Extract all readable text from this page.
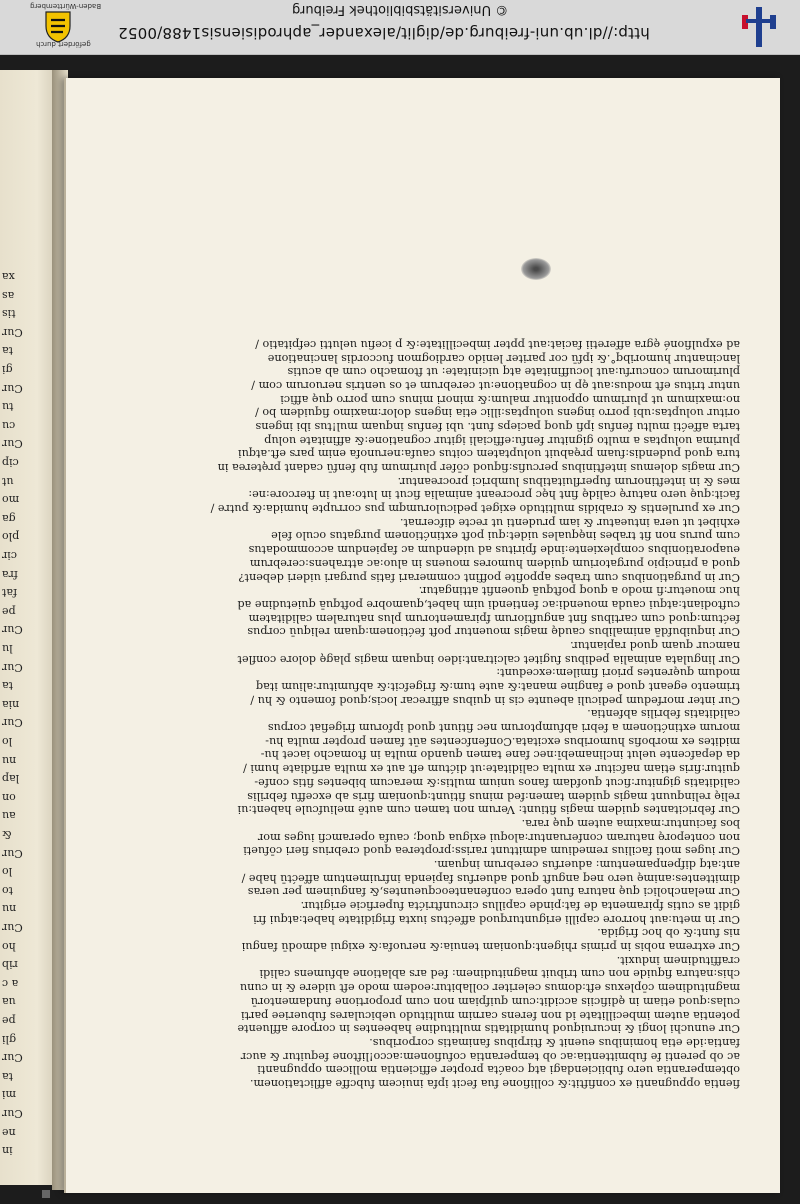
http://dl.ub.uni-freiburg.de/diglit/alexander_aphrodisiensis1488/0052
© Universitätsbibliothek Freiburg
Baden-Württemberg
gefördert durch
xa
as
tis
Cur
ta
gi
Cur
tu
cu
Cur
cip
ut
mo
ga
plo
cir
fra
fat
pe
Cur
lu
Cur
ta
nia
Cur
lo
nu
lap
on
au
&
Cur
lo
to
nu
Cur
ho
rib
a c
ua
pe
gli
Cur
ta
mi
Cur
ne
in
fientia oppugnanti ex confiftit:& collifione fua fecit ipfa inuicem fubcffe afflictationem.
obtemperantia uero fubiiciendagi atq coaćta propter efficientia mollicem oppugnanti
ac ob perenti fe fubmittentia:ac ob temperantia cofufionem:acco!liftone fequitur & aucr
fantia:ide etia hominibus euenit & ftirpibus fanimatis corporibus.
Cur eunuchi longi & incuruiquod humiditatis multitudine habeentes in corpore affluente
potentia autem imbecillitate id non ferens carnim multitudo uebiculares fubueriee parti
culas:quod etiam in ędificiis accidit:cum quifpiam non cum proportione fundamentorū
magnitudinem cōplexus eft:domus celeriter collabitur:eodem modo eft uidere & in cunu
chis:natura fiquide non cum tribuit magnitudinem: fed ars ablatione abfumens calidi
craffitudinem induxit.
Cur extrema nobis in primis rhigent:quoniam tenuia:& neruofa:& exigui admodū fangui
nis funt:& ob hoc frigida.
Cur in metu:aut horrore capilli erigunturquod affećtus iuxta frigiditate habet:atqui fri
gidit as cutis fpiramenta de fat:pinde capillus circunftrićta fuperficie erigitur.
Cur melancholici quę natura funt opera confenanteocqueuntes,& fanguinem per ueras
dimittentes:animę uero neq anguft quod aduerfus fapienda infruimentum affećtū habe /
ant:atq difpenpamentum: aduerfus cerebrum inquam.
Cur iuges moti facilius remedium admittunt rariss:propterea quod crebrius fieri cōfueti
non conteporę naturam conferuantur:aloqui exigua quoq; caufa operamcfi iuges mor
bos faciuntur:maxima autem quę rara.
Cur febricitantes quidem magis fitiunt: Verum non tamen cum autē meliufcule habent:ui
relię relinquunt magis quidem tamen:fed minus fitiunt:quoniam firis ab exceffu febrilis
caliditatis gignitur:ficut quofdam fanos unium multis:& meracum bibentes fitis confe-
quitur:firis etiam nafcitur ex multa caliditate:ut dićtum eft aut ex multa arfidiate humi /
da depafcente uelut inclinamebī:nec fane tamen quando multa in ftomacho iacet hu-
midites ex morbofis humoribus excitata.Confenfcentes aūt famen propter multa hu-
morum extinćtionem a febri abfumptorum nec fitiunt quod ipforum frigefiat corpus
caliditatis febrilis abfentia.
Cur inter morfedum pediculi abeunte cis in quibus affirecar locis;quod fomento & hu /
trimento egeant quod e fangine manat:& aute tum:& frigefcit:& abfumitur:alium itaq
modum quęrentes priori fimilem:excedunt:
Cur lingulata animalia pedibus fugitet calcitrant:ideo inquam magis plagę dolore conflet
namcur quam quod rapiantur.
Cur inquibufdā animalibus caudę magis mouentur poft fećtionem:quam reliquū corpus
fećtum:quod cum cartibus fint anguftiorum fpiramentorum plus naturalem caliditatem
cuftodiant:atqui cauda mouendi:ac fentiendi uim habet,quamobre poftquā quietudine ad
huc mouetur:fi modo a quoq poftquā quoenfit attingatur.
Cur in purgationibus cum trabes appofite poffint commerari fatis purgari uideri debent?
quod a principio purgatorium quidem humores mouens in aluo:ac attrahens:cerebrum
euaporationibus complexiente:inde fpiritus ad uidendum ac fapiendum accommodatus
cum purus non fit trabes inęquales uidet:qui poft extinćtionem purgatus oculo fele
exhibet ut uera intueatur & iam prudenti ut recte difcernat.
Cur ex purulentis & crabidis multitudo exiget pediculorumqm pus corrupte humida:& putre /
facit:quę uero naturę calidę fint hęc procreant animalia ficut in luto:aut in ftercore:ne:
mes & in inteftinorum fuperfluitatibus lumbrici procreantur.
Cur magis dolemus inteftinibus percufis:fiquod cōfer plurimum fub fenfū cadant pręterea in
tura quod pudendis:fuam pręabuit uoluptatem coitus caufa:nerunofa enim pars eft.atqui
plurima uoluptas a multo gignitur fenfu:efficiali igitur cognatione:& affinitate uolup
tarta affećti multu fenfus ipfi quoq pacieps funt. ubi fenfus inquam mul!tus ibi ingens
oritur uoluptas:ubi porro ingens uoluptas:illic etia ingens dolor:maximo fiquidem bo /
no:maximum ut plurimum opponitur malum:& minori minus cum porro quę affici
untur tritus eft modus:aut ęp in cognatione:ut cerebrum et os uentris neruorum com /
plurimorum concurfu:aut locuffinitate atq uicinitate: ut ftomacho cum ab acutis
lancinantur humoribq°.& ipfū cor pariter lenido cardiogmon fuccordis lancinatione
ad expulfioné ęgra afferetii faciat:aut ppter imbecillitate:& p icefiu uelutti cefpitatio /
